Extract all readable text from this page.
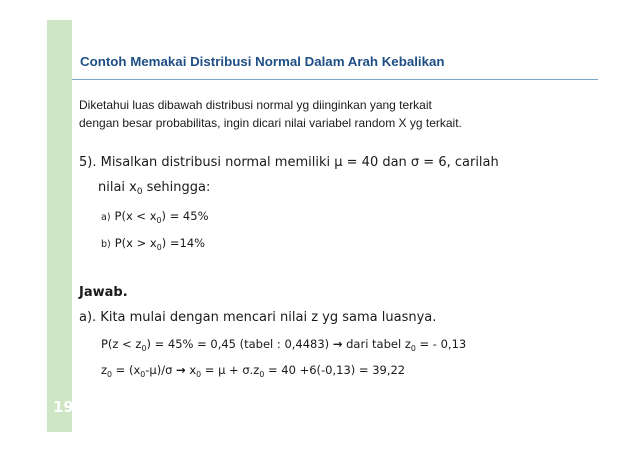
19
Contoh Memakai Distribusi Normal Dalam Arah Kebalikan
Diketahui luas dibawah distribusi normal yg diinginkan yang terkait
dengan besar probabilitas, ingin dicari nilai variabel random X yg terkait.
5). Misalkan distribusi normal memiliki µ = 40 dan σ = 6, carilah
nilai $x_0$ sehingga:
a) $P(x < x_0) = 45\%$
b) $P(x > x_0) =14\%$
Jawab.
a). Kita mulai dengan mencari nilai z yg sama luasnya.
$P(z < z_0) = 45\% = 0,45$ (tabel : 0,4483) → dari tabel $z_0$ = - 0,13
$z_0 = (x_0-\mu)/\sigma \to x_0 = \mu + \sigma.z_0 = 40 +6(-0,13) = 39,22$
